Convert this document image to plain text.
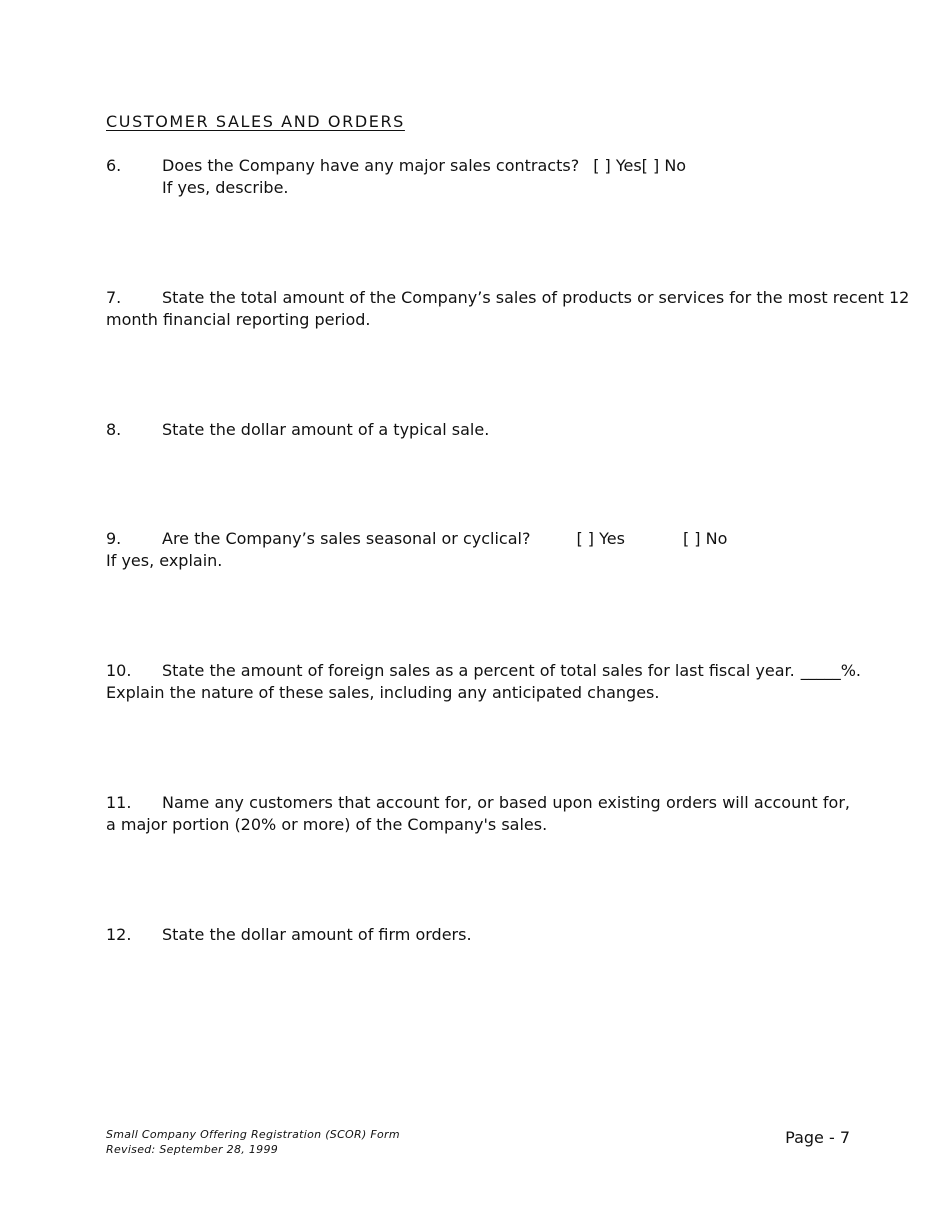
CUSTOMER SALES AND ORDERS
6.	Does the Company have any major sales contracts? [ ] Yes[ ] No
If yes, describe.
7.	State the total amount of the Company’s sales of products or services for the most recent 12
month financial reporting period.
8.	State the dollar amount of a typical sale.
9.	Are the Company’s sales seasonal or cyclical?	[ ] Yes	[ ] No
If yes, explain.
10. State the amount of foreign sales as a percent of total sales for last fiscal year. _____%.
Explain the nature of these sales, including any anticipated changes.
11. Name any customers that account for, or based upon existing orders will account for, a major portion (20% or more) of the Company's sales.
12. State the dollar amount of firm orders.
Small Company Offering Registration (SCOR) Form
Revised: September 28, 1999
Page - 7
